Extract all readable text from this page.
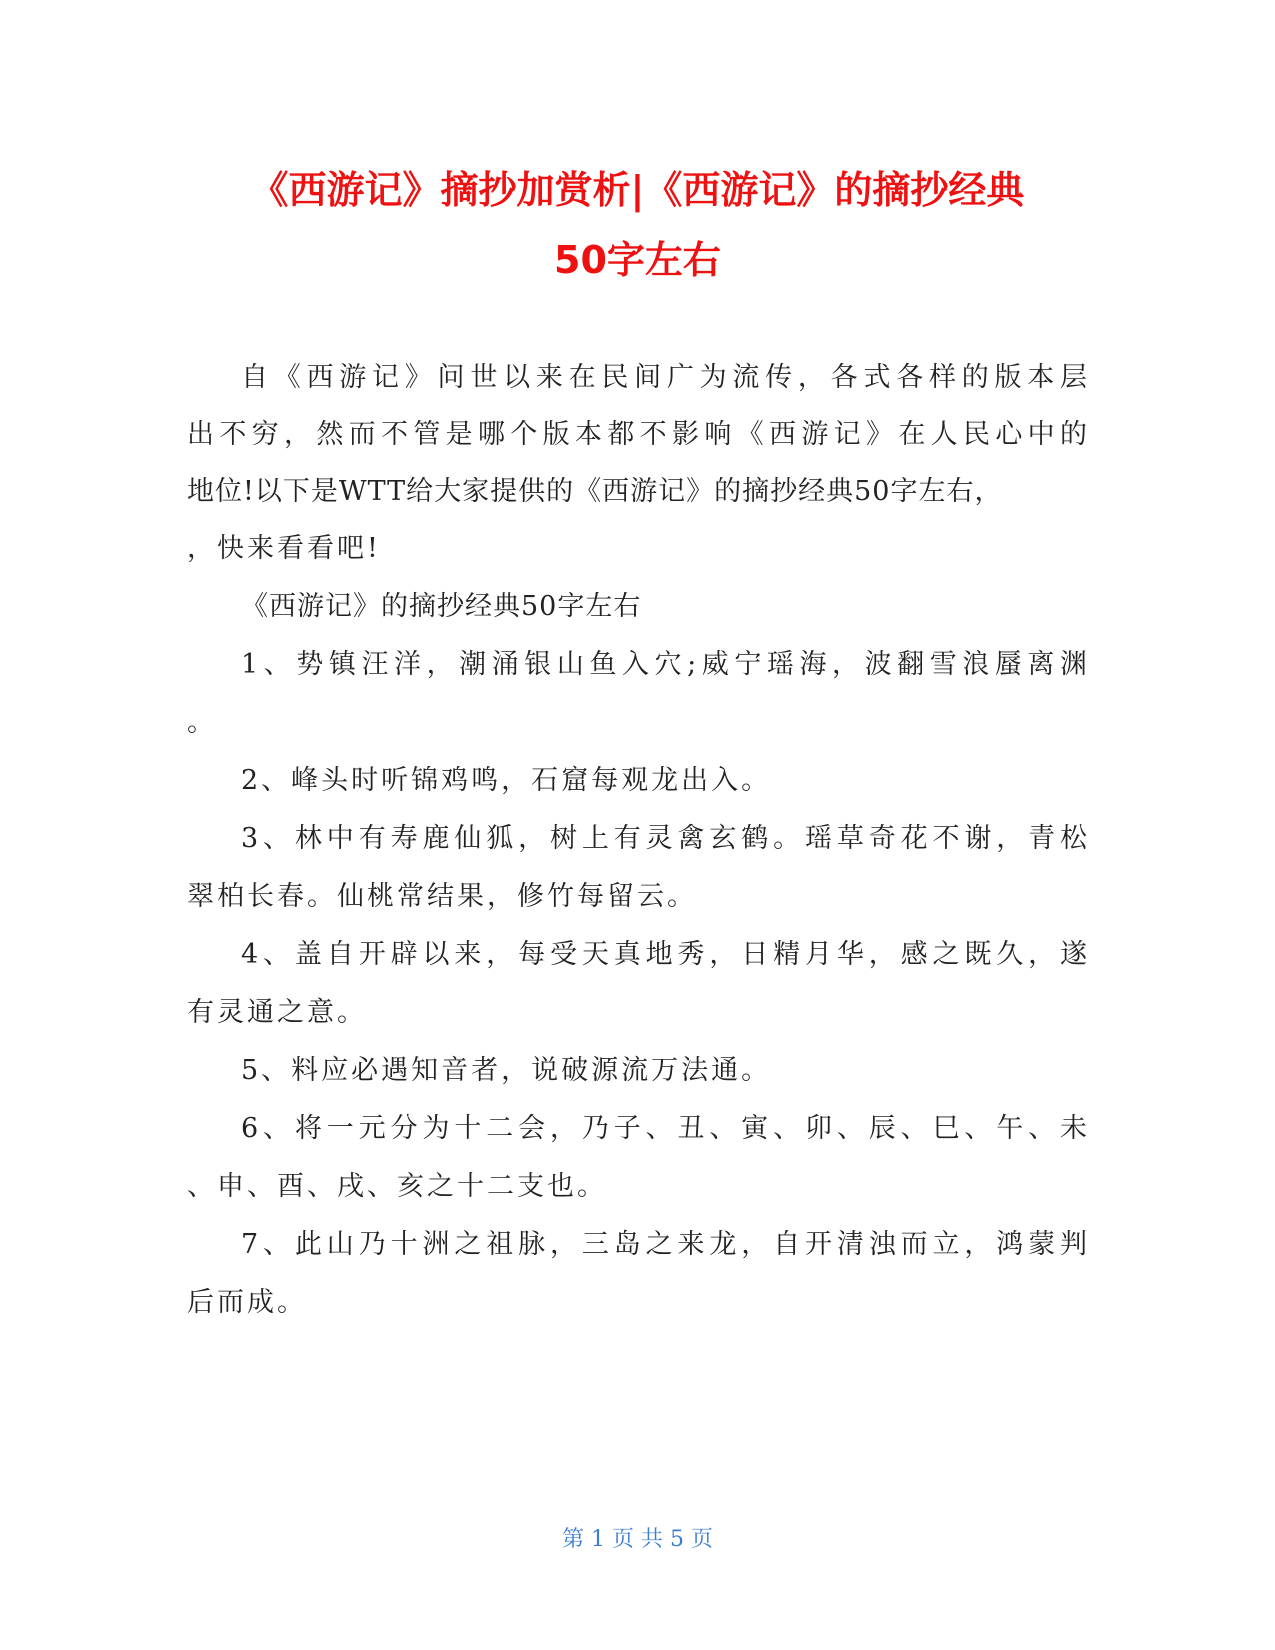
《西游记》摘抄加赏析|《西游记》的摘抄经典
50字左右
自《西游记》问世以来在民间广为流传，各式各样的版本层
出不穷，然而不管是哪个版本都不影响《西游记》在人民心中的
地位!以下是WTT给大家提供的《西游记》的摘抄经典50字左右，
，快来看看吧!
《西游记》的摘抄经典50字左右
1、势镇汪洋，潮涌银山鱼入穴;威宁瑶海，波翻雪浪蜃离渊
。
2、峰头时听锦鸡鸣，石窟每观龙出入。
3、林中有寿鹿仙狐，树上有灵禽玄鹤。瑶草奇花不谢，青松
翠柏长春。仙桃常结果，修竹每留云。
4、盖自开辟以来，每受天真地秀，日精月华，感之既久，遂
有灵通之意。
5、料应必遇知音者，说破源流万法通。
6、将一元分为十二会，乃子、丑、寅、卯、辰、巳、午、未
、申、酉、戌、亥之十二支也。
7、此山乃十洲之祖脉，三岛之来龙，自开清浊而立，鸿蒙判
后而成。
第 1 页 共 5 页
